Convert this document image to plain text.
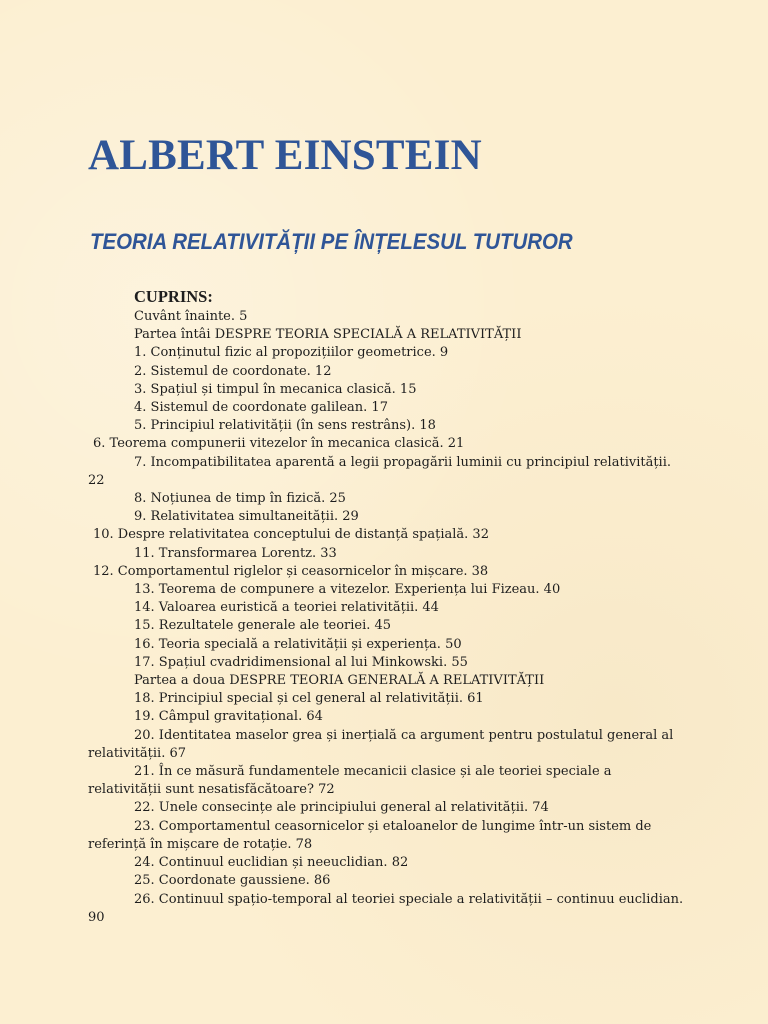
ALBERT EINSTEIN
TEORIA RELATIVITĂȚII PE ÎNȚELESUL TUTUROR
CUPRINS:
Cuvânt înainte. 5
Partea întâi DESPRE TEORIA SPECIALĂ A RELATIVITĂȚII
1. Conținutul fizic al propozițiilor geometrice. 9
2. Sistemul de coordonate. 12
3. Spațiul și timpul în mecanica clasică. 15
4. Sistemul de coordonate galilean. 17
5. Principiul relativității (în sens restrâns). 18
6. Teorema compunerii vitezelor în mecanica clasică. 21
7. Incompatibilitatea aparentă a legii propagării luminii cu principiul relativității. 22
8. Noțiunea de timp în fizică. 25
9. Relativitatea simultaneității. 29
10. Despre relativitatea conceptului de distanță spațială. 32
11. Transformarea Lorentz. 33
12. Comportamentul riglelor și ceasornicelor în mișcare. 38
13. Teorema de compunere a vitezelor. Experiența lui Fizeau. 40
14. Valoarea euristică a teoriei relativității. 44
15. Rezultatele generale ale teoriei. 45
16. Teoria specială a relativității și experiența. 50
17. Spațiul cvadridimensional al lui Minkowski. 55
Partea a doua DESPRE TEORIA GENERALĂ A RELATIVITĂȚII
18. Principiul special și cel general al relativității. 61
19. Câmpul gravitațional. 64
20. Identitatea maselor grea și inerțială ca argument pentru postulatul general al relativității. 67
21. În ce măsură fundamentele mecanicii clasice și ale teoriei speciale a relativității sunt nesatisfăcătoare? 72
22. Unele consecințe ale principiului general al relativității. 74
23. Comportamentul ceasornicelor și etaloanelor de lungime într-un sistem de referință în mișcare de rotație. 78
24. Continuul euclidian și neeuclidian. 82
25. Coordonate gaussiene. 86
26. Continuul spațio-temporal al teoriei speciale a relativității – continuu euclidian. 90
